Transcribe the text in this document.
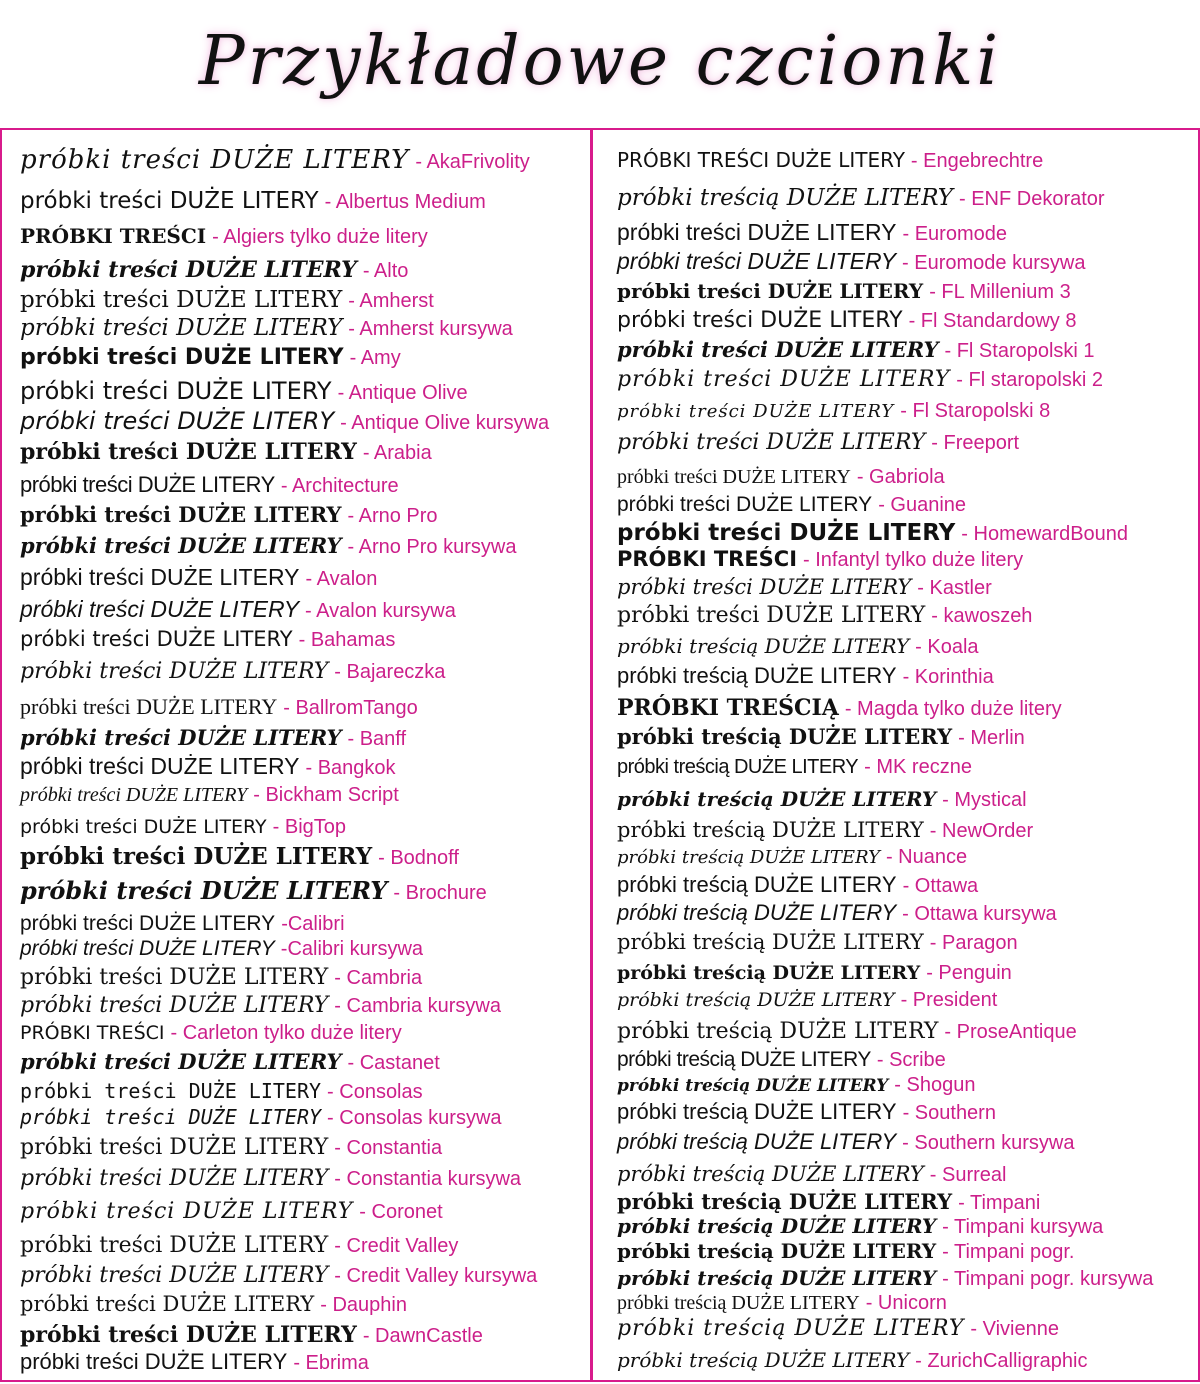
Przykładowe czcionki
próbki treści DUŻE LITERY - AkaFrivolity
próbki treści DUŻE LITERY - Albertus Medium
PRÓBKI TREŚCI - Algiers tylko duże litery
próbki treści DUŻE LITERY - Alto
próbki treści DUŻE LITERY - Amherst
próbki treści DUŻE LITERY - Amherst kursywa
próbki treści DUŻE LITERY - Amy
próbki treści DUŻE LITERY - Antique Olive
próbki treści DUŻE LITERY - Antique Olive kursywa
próbki treści DUŻE LITERY - Arabia
próbki treści DUŻE LITERY - Architecture
próbki treści DUŻE LITERY - Arno Pro
próbki treści DUŻE LITERY - Arno Pro kursywa
próbki treści DUŻE LITERY - Avalon
próbki treści DUŻE LITERY - Avalon kursywa
próbki treści DUŻE LITERY - Bahamas
próbki treści DUŻE LITERY - Bajareczka
próbki treści DUŻE LITERY - BallromTango
próbki treści DUŻE LITERY - Banff
próbki treści DUŻE LITERY - Bangkok
próbki treści DUŻE LITERY - Bickham Script
próbki treści DUŻE LITERY - BigTop
próbki treści DUŻE LITERY - Bodnoff
próbki treści DUŻE LITERY - Brochure
próbki treści DUŻE LITERY -Calibri
próbki treści DUŻE LITERY -Calibri kursywa
próbki treści DUŻE LITERY - Cambria
próbki treści DUŻE LITERY - Cambria kursywa
PRÓBKI TREŚCI - Carleton tylko duże litery
próbki treści DUŻE LITERY - Castanet
próbki treści DUŻE LITERY - Consolas
próbki treści DUŻE LITERY - Consolas kursywa
próbki treści DUŻE LITERY - Constantia
próbki treści DUŻE LITERY - Constantia kursywa
próbki treści DUŻE LITERY - Coronet
próbki treści DUŻE LITERY - Credit Valley
próbki treści DUŻE LITERY - Credit Valley kursywa
próbki treści DUŻE LITERY - Dauphin
próbki treści DUŻE LITERY - DawnCastle
próbki treści DUŻE LITERY - Ebrima
PRÓBKI TREŚCI DUŻE LITERY - Engebrechtre
próbki treścią DUŻE LITERY - ENF Dekorator
próbki treści DUŻE LITERY - Euromode
próbki treści DUŻE LITERY - Euromode kursywa
próbki treści DUŻE LITERY - FL Millenium 3
próbki treści DUŻE LITERY - Fl Standardowy 8
próbki treści DUŻE LITERY - Fl Staropolski 1
próbki treści DUŻE LITERY - Fl staropolski 2
próbki treści DUŻE LITERY - Fl Staropolski 8
próbki treści DUŻE LITERY - Freeport
próbki treści DUŻE LITERY - Gabriola
próbki treści DUŻE LITERY - Guanine
próbki treści DUŻE LITERY - HomewardBound
PRÓBKI TREŚCI - Infantyl tylko duże litery
próbki treści DUŻE LITERY - Kastler
próbki treści DUŻE LITERY - kawoszeh
próbki treścią DUŻE LITERY - Koala
próbki treścią DUŻE LITERY - Korinthia
PRÓBKI TREŚCIĄ - Magda tylko duże litery
próbki treścią DUŻE LITERY - Merlin
próbki treścią DUŻE LITERY - MK reczne
próbki treścią DUŻE LITERY - Mystical
próbki treścią DUŻE LITERY - NewOrder
próbki treścią DUŻE LITERY - Nuance
próbki treścią DUŻE LITERY - Ottawa
próbki treścią DUŻE LITERY - Ottawa kursywa
próbki treścią DUŻE LITERY - Paragon
próbki treścią DUŻE LITERY - Penguin
próbki treścią DUŻE LITERY - President
próbki treścią DUŻE LITERY - ProseAntique
próbki treścią DUŻE LITERY - Scribe
próbki treścią DUŻE LITERY - Shogun
próbki treścią DUŻE LITERY - Southern
próbki treścią DUŻE LITERY - Southern kursywa
próbki treścią DUŻE LITERY - Surreal
próbki treścią DUŻE LITERY - Timpani
próbki treścią DUŻE LITERY - Timpani kursywa
próbki treścią DUŻE LITERY - Timpani pogr.
próbki treścią DUŻE LITERY - Timpani pogr. kursywa
próbki treścią DUŻE LITERY - Unicorn
próbki treścią DUŻE LITERY - Vivienne
próbki treścią DUŻE LITERY - ZurichCalligraphic
